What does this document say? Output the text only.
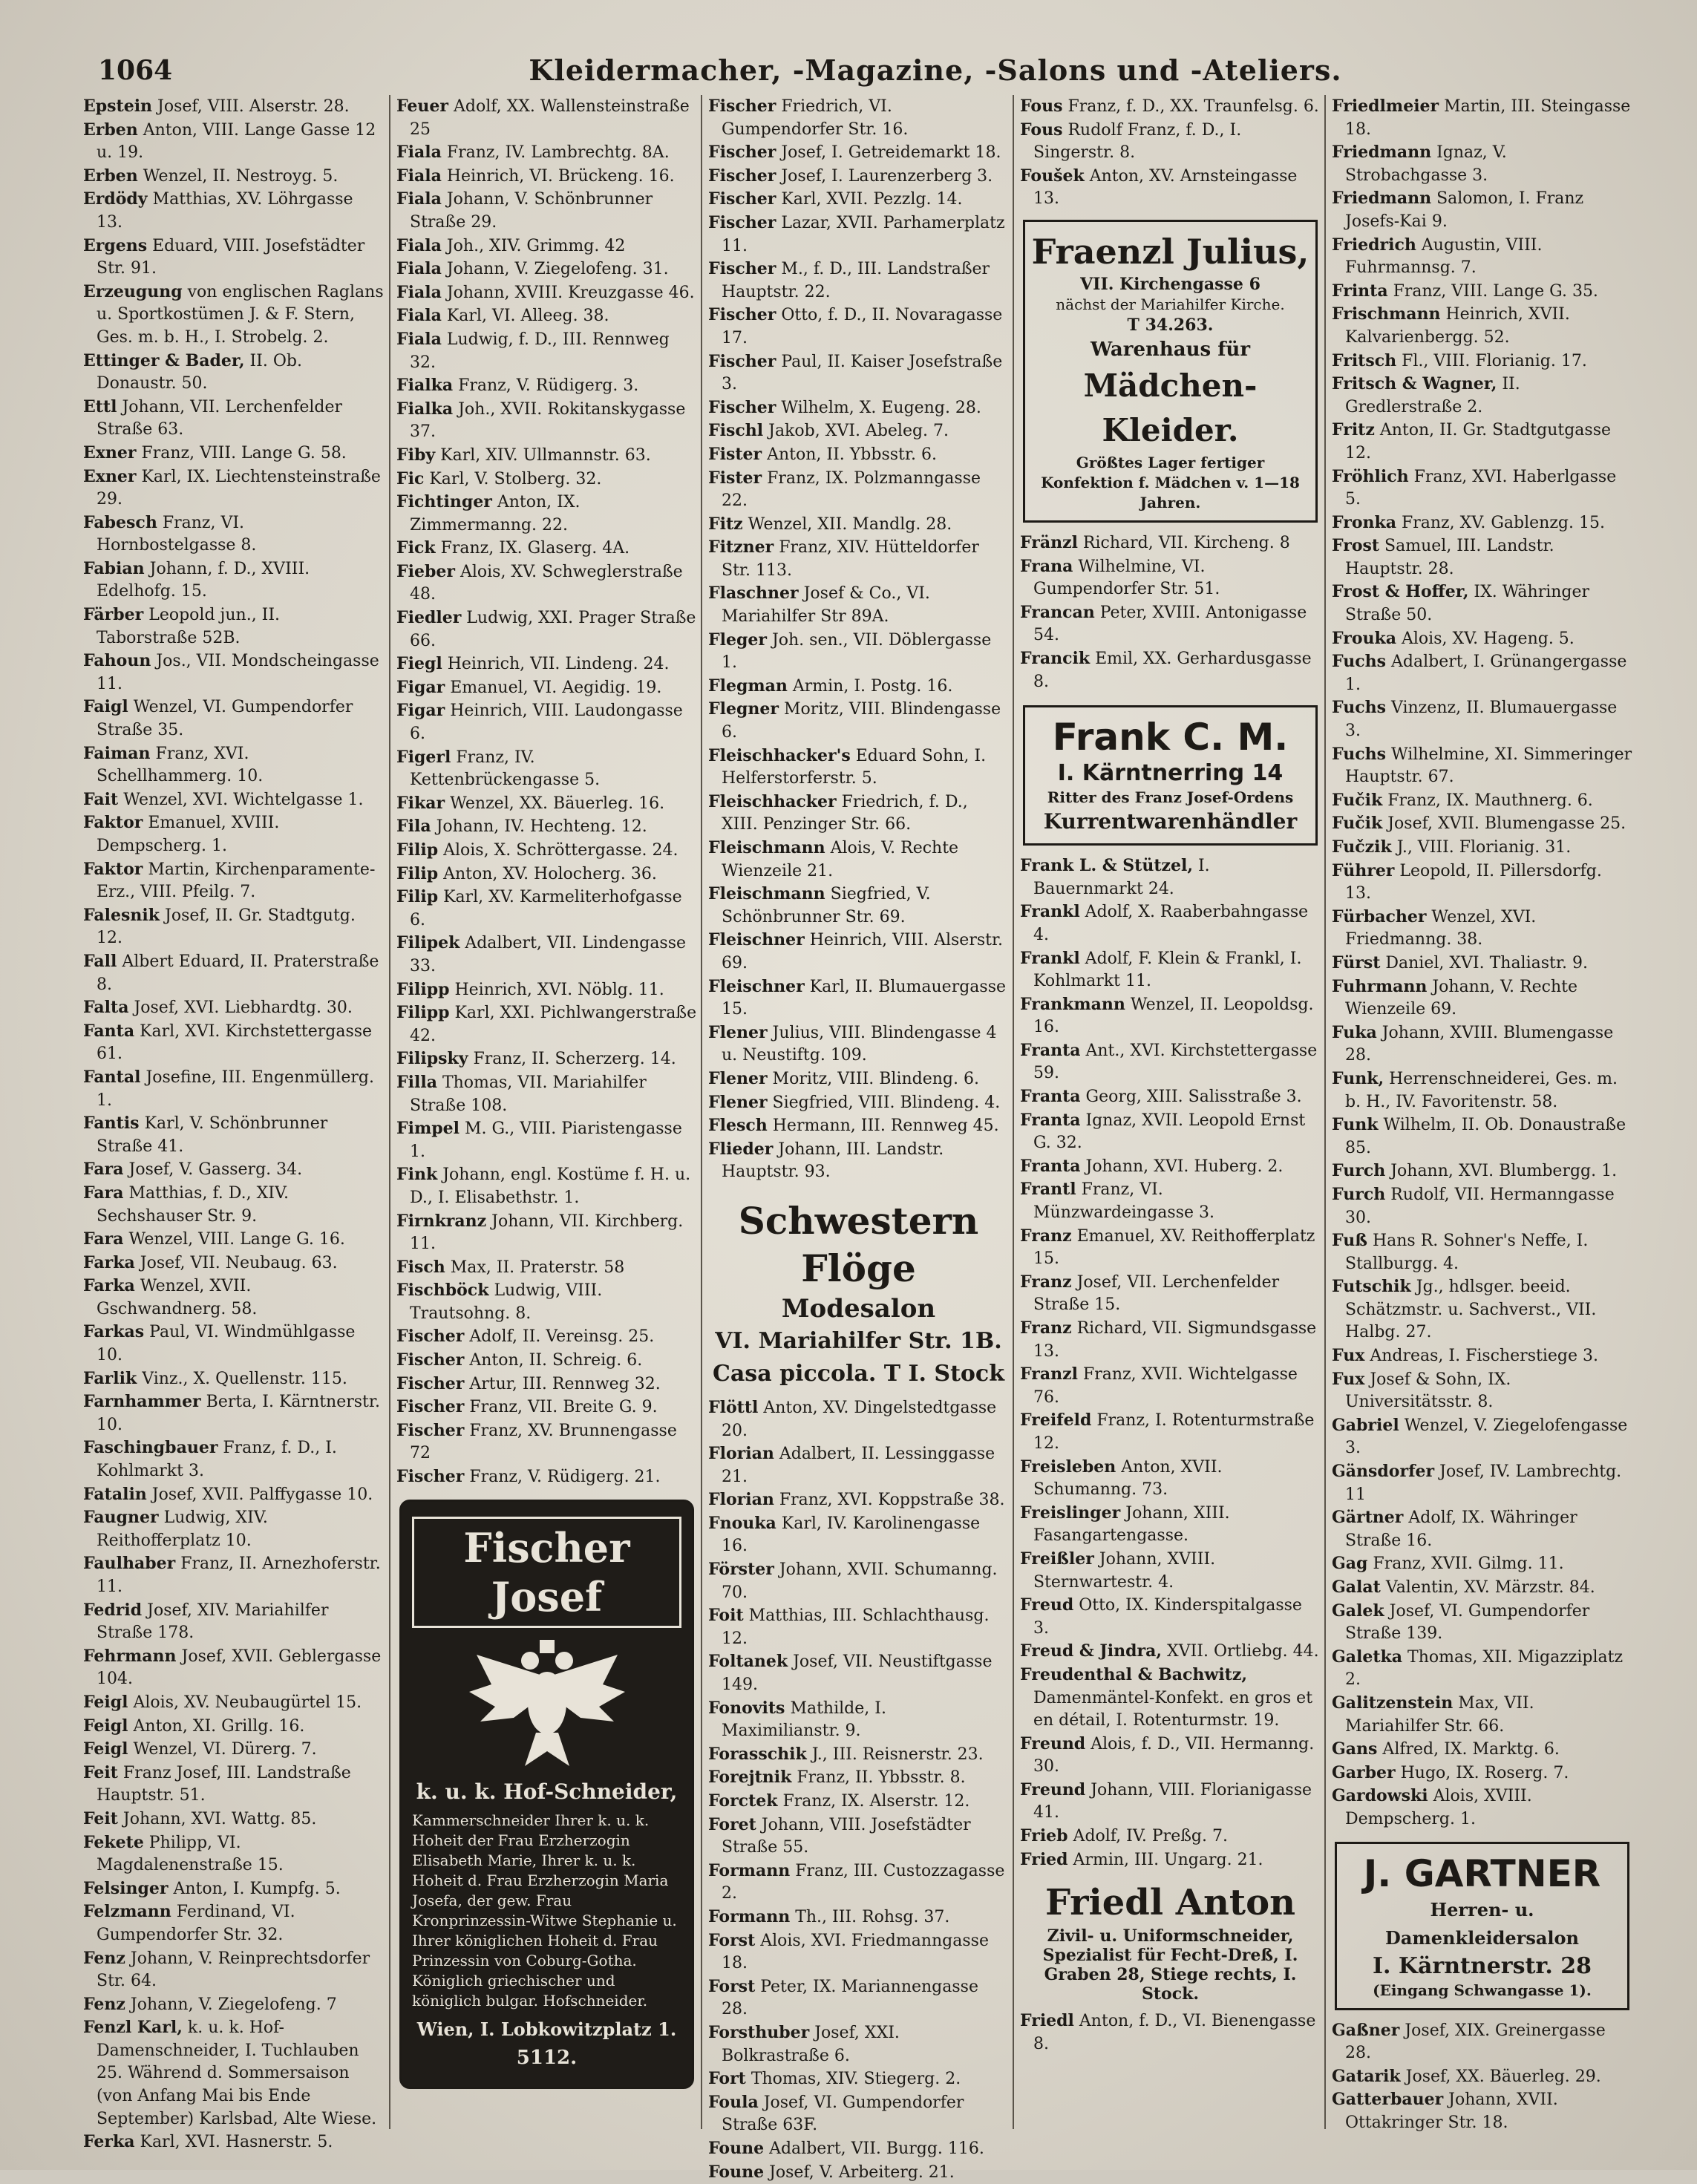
1064	Kleidermacher, -Magazine, -Salons und -Ateliers.

Epstein Josef, VIII. Alserstr. 28.

Erben Anton, VIII. Lange Gasse 12 u. 19.

Erben Wenzel, II. Nestroyg. 5.

Erdödy Matthias, XV. Löhrgasse 13.

Ergens Eduard, VIII. Josefstädter Str. 91.

Erzeugung von englischen Raglans u. Sportkostümen J. & F. Stern, Ges. m. b. H., I. Strobelg. 2.

Ettinger & Bader, II. Ob. Donaustr. 50.

Ettl Johann, VII. Lerchenfelder Straße 63.

Exner Franz, VIII. Lange G. 58.

Exner Karl, IX. Liechtensteinstraße 29.

Fabesch Franz, VI. Hornbostelgasse 8.

Fabian Johann, f. D., XVIII. Edelhofg. 15.

Färber Leopold jun., II. Taborstraße 52B.

Fahoun Jos., VII. Mondscheingasse 11.

Faigl Wenzel, VI. Gumpendorfer Straße 35.

Faiman Franz, XVI. Schellhammerg. 10.

Fait Wenzel, XVI. Wichtelgasse 1.

Faktor Emanuel, XVIII. Dempscherg. 1.

Faktor Martin, Kirchenparamente-Erz., VIII. Pfeilg. 7.

Falesnik Josef, II. Gr. Stadtgutg. 12.

Fall Albert Eduard, II. Praterstraße 8.

Falta Josef, XVI. Liebhardtg. 30.

Fanta Karl, XVI. Kirchstettergasse 61.

Fantal Josefine, III. Engenmüllerg. 1.

Fantis Karl, V. Schönbrunner Straße 41.

Fara Josef, V. Gasserg. 34.

Fara Matthias, f. D., XIV. Sechshauser Str. 9.

Fara Wenzel, VIII. Lange G. 16.

Farka Josef, VII. Neubaug. 63.

Farka Wenzel, XVII. Gschwandnerg. 58.

Farkas Paul, VI. Windmühlgasse 10.

Farlik Vinz., X. Quellenstr. 115.

Farnhammer Berta, I. Kärntnerstr. 10.

Faschingbauer Franz, f. D., I. Kohlmarkt 3.

Fatalin Josef, XVII. Palffygasse 10.

Faugner Ludwig, XIV. Reithofferplatz 10.

Faulhaber Franz, II. Arnezhoferstr. 11.

Fedrid Josef, XIV. Mariahilfer Straße 178.

Fehrmann Josef, XVII. Geblergasse 104.

Feigl Alois, XV. Neubaugürtel 15.

Feigl Anton, XI. Grillg. 16.

Feigl Wenzel, VI. Dürerg. 7.

Feit Franz Josef, III. Landstraße Hauptstr. 51.

Feit Johann, XVI. Wattg. 85.

Fekete Philipp, VI. Magdalenenstraße 15.

Felsinger Anton, I. Kumpfg. 5.

Felzmann Ferdinand, VI. Gumpendorfer Str. 32.

Fenz Johann, V. Reinprechtsdorfer Str. 64.

Fenz Johann, V. Ziegelofeng. 7

Fenzl Karl, k. u. k. Hof-Damenschneider, I. Tuchlauben 25. Während d. Sommersaison (von Anfang Mai bis Ende September) Karlsbad, Alte Wiese.

Ferka Karl, XVI. Hasnerstr. 5.

Feuer Adolf, XX. Wallensteinstraße 25

Fiala Franz, IV. Lambrechtg. 8A.

Fiala Heinrich, VI. Brückeng. 16.

Fiala Johann, V. Schönbrunner Straße 29.

Fiala Joh., XIV. Grimmg. 42

Fiala Johann, V. Ziegelofeng. 31.

Fiala Johann, XVIII. Kreuzgasse 46.

Fiala Karl, VI. Alleeg. 38.

Fiala Ludwig, f. D., III. Rennweg 32.

Fialka Franz, V. Rüdigerg. 3.

Fialka Joh., XVII. Rokitanskygasse 37.

Fiby Karl, XIV. Ullmannstr. 63.

Fic Karl, V. Stolberg. 32.

Fichtinger Anton, IX. Zimmermanng. 22.

Fick Franz, IX. Glaserg. 4A.

Fieber Alois, XV. Schweglerstraße 48.

Fiedler Ludwig, XXI. Prager Straße 66.

Fiegl Heinrich, VII. Lindeng. 24.

Figar Emanuel, VI. Aegidig. 19.

Figar Heinrich, VIII. Laudongasse 6.

Figerl Franz, IV. Kettenbrückengasse 5.

Fikar Wenzel, XX. Bäuerleg. 16.

Fila Johann, IV. Hechteng. 12.

Filip Alois, X. Schröttergasse. 24.

Filip Anton, XV. Holocherg. 36.

Filip Karl, XV. Karmeliterhofgasse 6.

Filipek Adalbert, VII. Lindengasse 33.

Filipp Heinrich, XVI. Nöblg. 11.

Filipp Karl, XXI. Pichlwangerstraße 42.

Filipsky Franz, II. Scherzerg. 14.

Filla Thomas, VII. Mariahilfer Straße 108.

Fimpel M. G., VIII. Piaristengasse 1.

Fink Johann, engl. Kostüme f. H. u. D., I. Elisabethstr. 1.

Firnkranz Johann, VII. Kirchberg. 11.

Fisch Max, II. Praterstr. 58

Fischböck Ludwig, VIII. Trautsohng. 8.

Fischer Adolf, II. Vereinsg. 25.

Fischer Anton, II. Schreig. 6.

Fischer Artur, III. Rennweg 32.

Fischer Franz, VII. Breite G. 9.

Fischer Franz, XV. Brunnengasse 72

Fischer Franz, V. Rüdigerg. 21.

Fischer Josef
k. u. k. Hof-Schneider,
Kammerschneider Ihrer k. u. k. Hoheit der Frau Erzherzogin Elisabeth Marie, Ihrer k. u. k. Hoheit d. Frau Erzherzogin Maria Josefa, der gew. Frau Kronprinzessin-Witwe Stephanie u. Ihrer königlichen Hoheit d. Frau Prinzessin von Coburg-Gotha. Königlich griechischer und königlich bulgar. Hofschneider.
Wien, I. Lobkowitzplatz 1.
5112.

Fischer Friedrich, VI. Gumpendorfer Str. 16.

Fischer Josef, I. Getreidemarkt 18.

Fischer Josef, I. Laurenzerberg 3.

Fischer Karl, XVII. Pezzlg. 14.

Fischer Lazar, XVII. Parhamerplatz 11.

Fischer M., f. D., III. Landstraßer Hauptstr. 22.

Fischer Otto, f. D., II. Novaragasse 17.

Fischer Paul, II. Kaiser Josefstraße 3.

Fischer Wilhelm, X. Eugeng. 28.

Fischl Jakob, XVI. Abeleg. 7.

Fister Anton, II. Ybbsstr. 6.

Fister Franz, IX. Polzmanngasse 22.

Fitz Wenzel, XII. Mandlg. 28.

Fitzner Franz, XIV. Hütteldorfer Str. 113.

Flaschner Josef & Co., VI. Mariahilfer Str 89A.

Fleger Joh. sen., VII. Döblergasse 1.

Flegman Armin, I. Postg. 16.

Flegner Moritz, VIII. Blindengasse 6.

Fleischhacker's Eduard Sohn, I. Helferstorferstr. 5.

Fleischhacker Friedrich, f. D., XIII. Penzinger Str. 66.

Fleischmann Alois, V. Rechte Wienzeile 21.

Fleischmann Siegfried, V. Schönbrunner Str. 69.

Fleischner Heinrich, VIII. Alserstr. 69.

Fleischner Karl, II. Blumauergasse 15.

Flener Julius, VIII. Blindengasse 4 u. Neustiftg. 109.

Flener Moritz, VIII. Blindeng. 6.

Flener Siegfried, VIII. Blindeng. 4.

Flesch Hermann, III. Rennweg 45.

Flieder Johann, III. Landstr. Hauptstr. 93.

Schwestern Flöge
Modesalon
VI. Mariahilfer Str. 1B.
Casa piccola. T I. Stock

Flöttl Anton, XV. Dingelstedtgasse 20.

Florian Adalbert, II. Lessinggasse 21.

Florian Franz, XVI. Koppstraße 38.

Fnouka Karl, IV. Karolinengasse 16.

Förster Johann, XVII. Schumanng. 70.

Foit Matthias, III. Schlachthausg. 12.

Foltanek Josef, VII. Neustiftgasse 149.

Fonovits Mathilde, I. Maximilianstr. 9.

Forasschik J., III. Reisnerstr. 23.

Forejtnik Franz, II. Ybbsstr. 8.

Forctek Franz, IX. Alserstr. 12.

Foret Johann, VIII. Josefstädter Straße 55.

Formann Franz, III. Custozzagasse 2.

Formann Th., III. Rohsg. 37.

Forst Alois, XVI. Friedmanngasse 18.

Forst Peter, IX. Mariannengasse 28.

Forsthuber Josef, XXI. Bolkrastraße 6.

Fort Thomas, XIV. Stiegerg. 2.

Foula Josef, VI. Gumpendorfer Straße 63F.

Foune Adalbert, VII. Burgg. 116.

Foune Josef, V. Arbeiterg. 21.

Fous Franz, f. D., XX. Traunfelsg. 6.

Fous Rudolf Franz, f. D., I. Singerstr. 8.

Foušek Anton, XV. Arnsteingasse 13.

Fraenzl Julius,
VII. Kirchengasse 6
nächst der Mariahilfer Kirche.
T 34.263.
Warenhaus für
Mädchen-Kleider.
Größtes Lager fertiger Konfektion f. Mädchen v. 1—18 Jahren.

Fränzl Richard, VII. Kircheng. 8

Frana Wilhelmine, VI. Gumpendorfer Str. 51.

Francan Peter, XVIII. Antonigasse 54.

Francik Emil, XX. Gerhardusgasse 8.

Frank C. M.
I. Kärntnerring 14
Ritter des Franz Josef-Ordens
Kurrentwarenhändler

Frank L. & Stützel, I. Bauernmarkt 24.

Frankl Adolf, X. Raaberbahngasse 4.

Frankl Adolf, F. Klein & Frankl, I. Kohlmarkt 11.

Frankmann Wenzel, II. Leopoldsg. 16.

Franta Ant., XVI. Kirchstettergasse 59.

Franta Georg, XIII. Salisstraße 3.

Franta Ignaz, XVII. Leopold Ernst G. 32.

Franta Johann, XVI. Huberg. 2.

Frantl Franz, VI. Münzwardeingasse 3.

Franz Emanuel, XV. Reithofferplatz 15.

Franz Josef, VII. Lerchenfelder Straße 15.

Franz Richard, VII. Sigmundsgasse 13.

Franzl Franz, XVII. Wichtelgasse 76.

Freifeld Franz, I. Rotenturmstraße 12.

Freisleben Anton, XVII. Schumanng. 73.

Freislinger Johann, XIII. Fasangartengasse.

Freißler Johann, XVIII. Sternwartestr. 4.

Freud Otto, IX. Kinderspitalgasse 3.

Freud & Jindra, XVII. Ortliebg. 44.

Freudenthal & Bachwitz, Damenmäntel-Konfekt. en gros et en détail, I. Rotenturmstr. 19.

Freund Alois, f. D., VII. Hermanng. 30.

Freund Johann, VIII. Florianigasse 41.

Frieb Adolf, IV. Preßg. 7.

Fried Armin, III. Ungarg. 21.

Friedl Anton
Zivil- u. Uniformschneider, Spezialist für Fecht-Dreß, I. Graben 28, Stiege rechts, I. Stock.

Friedl Anton, f. D., VI. Bienengasse 8.

Friedlmeier Martin, III. Steingasse 18.

Friedmann Ignaz, V. Strobachgasse 3.

Friedmann Salomon, I. Franz Josefs-Kai 9.

Friedrich Augustin, VIII. Fuhrmannsg. 7.

Frinta Franz, VIII. Lange G. 35.

Frischmann Heinrich, XVII. Kalvarienbergg. 52.

Fritsch Fl., VIII. Florianig. 17.

Fritsch & Wagner, II. Gredlerstraße 2.

Fritz Anton, II. Gr. Stadtgutgasse 12.

Fröhlich Franz, XVI. Haberlgasse 5.

Fronka Franz, XV. Gablenzg. 15.

Frost Samuel, III. Landstr. Hauptstr. 28.

Frost & Hoffer, IX. Währinger Straße 50.

Frouka Alois, XV. Hageng. 5.

Fuchs Adalbert, I. Grünangergasse 1.

Fuchs Vinzenz, II. Blumauergasse 3.

Fuchs Wilhelmine, XI. Simmeringer Hauptstr. 67.

Fučik Franz, IX. Mauthnerg. 6.

Fučik Josef, XVII. Blumengasse 25.

Fučzik J., VIII. Florianig. 31.

Führer Leopold, II. Pillersdorfg. 13.

Fürbacher Wenzel, XVI. Friedmanng. 38.

Fürst Daniel, XVI. Thaliastr. 9.

Fuhrmann Johann, V. Rechte Wienzeile 69.

Fuka Johann, XVIII. Blumengasse 28.

Funk, Herrenschneiderei, Ges. m. b. H., IV. Favoritenstr. 58.

Funk Wilhelm, II. Ob. Donaustraße 85.

Furch Johann, XVI. Blumbergg. 1.

Furch Rudolf, VII. Hermanngasse 30.

Fuß Hans R. Sohner's Neffe, I. Stallburgg. 4.

Futschik Jg., hdlsger. beeid. Schätzmstr. u. Sachverst., VII. Halbg. 27.

Fux Andreas, I. Fischerstiege 3.

Fux Josef & Sohn, IX. Universitätsstr. 8.

Gabriel Wenzel, V. Ziegelofengasse 3.

Gänsdorfer Josef, IV. Lambrechtg. 11

Gärtner Adolf, IX. Währinger Straße 16.

Gag Franz, XVII. Gilmg. 11.

Galat Valentin, XV. Märzstr. 84.

Galek Josef, VI. Gumpendorfer Straße 139.

Galetka Thomas, XII. Migazziplatz 2.

Galitzenstein Max, VII. Mariahilfer Str. 66.

Gans Alfred, IX. Marktg. 6.

Garber Hugo, IX. Roserg. 7.

Gardowski Alois, XVIII. Dempscherg. 1.

J. GARTNER
Herren- u. Damenkleidersalon
I. Kärntnerstr. 28
(Eingang Schwangasse 1).

Gaßner Josef, XIX. Greinergasse 28.

Gatarik Josef, XX. Bäuerleg. 29.

Gatterbauer Johann, XVII. Ottakringer Str. 18.
